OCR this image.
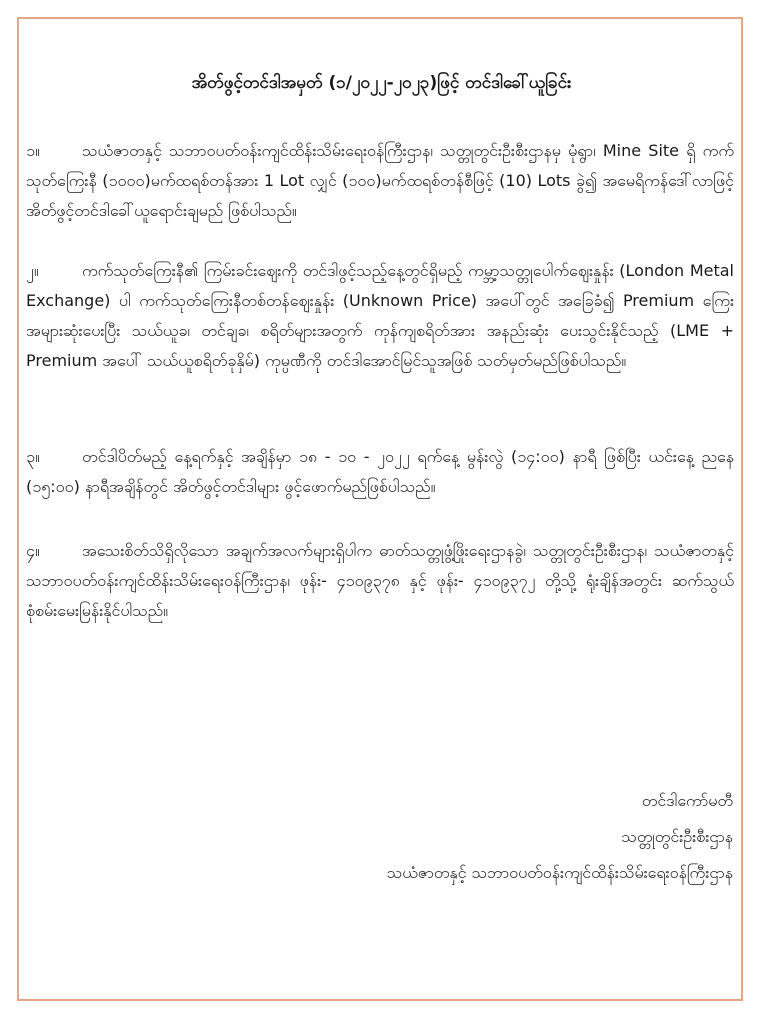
အိတ်ဖွင့်တင်ဒါအမှတ် (၁/၂၀၂၂-၂၀၂၃)ဖြင့် တင်ဒါခေါ်ယူခြင်း
၁။	သယံဇာတနှင့် သဘာဝပတ်ဝန်းကျင်ထိန်းသိမ်းရေးဝန်ကြီးဌာန၊ သတ္တုတွင်းဦးစီးဌာနမှ မုံရွာ၊ Mine Site ရှိ ကက်သုတ်ကြေးနီ (၁၀၀၀)မက်ထရစ်တန်အား 1 Lot လျှင် (၁၀၀)မက်ထရစ်တန်စီဖြင့် (10) Lots ခွဲ၍ အမေရိကန်ဒေါ်လာဖြင့် အိတ်ဖွင့်တင်ဒါခေါ်ယူရောင်းချမည် ဖြစ်ပါသည်။
၂။	ကက်သုတ်ကြေးနီ၏ ကြမ်းခင်းဈေးကို တင်ဒါဖွင့်သည့်နေ့တွင်ရှိမည့် ကမ္ဘာ့သတ္တုပေါက်ဈေးနှုန်း (London Metal Exchange) ပါ ကက်သုတ်ကြေးနီတစ်တန်ဈေးနှုန်း (Unknown Price) အပေါ်တွင် အခြေခံ၍ Premium ကြေးအများဆုံးပေးပြီး သယ်ယူခ၊ တင်ချခ၊ စရိတ်များအတွက် ကုန်ကျစရိတ်အား အနည်းဆုံး ပေးသွင်းနိုင်သည့် (LME + Premium အပေါ် သယ်ယူစရိတ်ခုနှိမ်) ကုမ္ပဏီကို တင်ဒါအောင်မြင်သူအဖြစ် သတ်မှတ်မည်ဖြစ်ပါသည်။
၃။	တင်ဒါပိတ်မည့် နေ့ရက်နှင့် အချိန်မှာ ၁၈ - ၁၀ - ၂၀၂၂ ရက်နေ့ မွန်းလွဲ (၁၄:၀၀) နာရီ ဖြစ်ပြီး ယင်းနေ့ ညနေ (၁၅:၀၀) နာရီအချိန်တွင် အိတ်ဖွင့်တင်ဒါများ ဖွင့်ဖောက်မည်ဖြစ်ပါသည်။
၄။	အသေးစိတ်သိရှိလိုသော အချက်အလက်များရှိပါက ဓာတ်သတ္တုဖွံ့ဖြိုးရေးဌာနခွဲ၊ သတ္တုတွင်းဦးစီးဌာန၊ သယံဇာတနှင့်သဘာဝပတ်ဝန်းကျင်ထိန်းသိမ်းရေးဝန်ကြီးဌာန၊ ဖုန်း- ၄၁၀၉၃၇၈ နှင့် ဖုန်း- ၄၁၀၉၃၇၂ တို့သို့ ရုံးချိန်အတွင်း ဆက်သွယ်စုံစမ်းမေးမြန်းနိုင်ပါသည်။
တင်ဒါကော်မတီ
သတ္တုတွင်းဦးစီးဌာန
သယံဇာတနှင့် သဘာဝပတ်ဝန်းကျင်ထိန်းသိမ်းရေးဝန်ကြီးဌာန
